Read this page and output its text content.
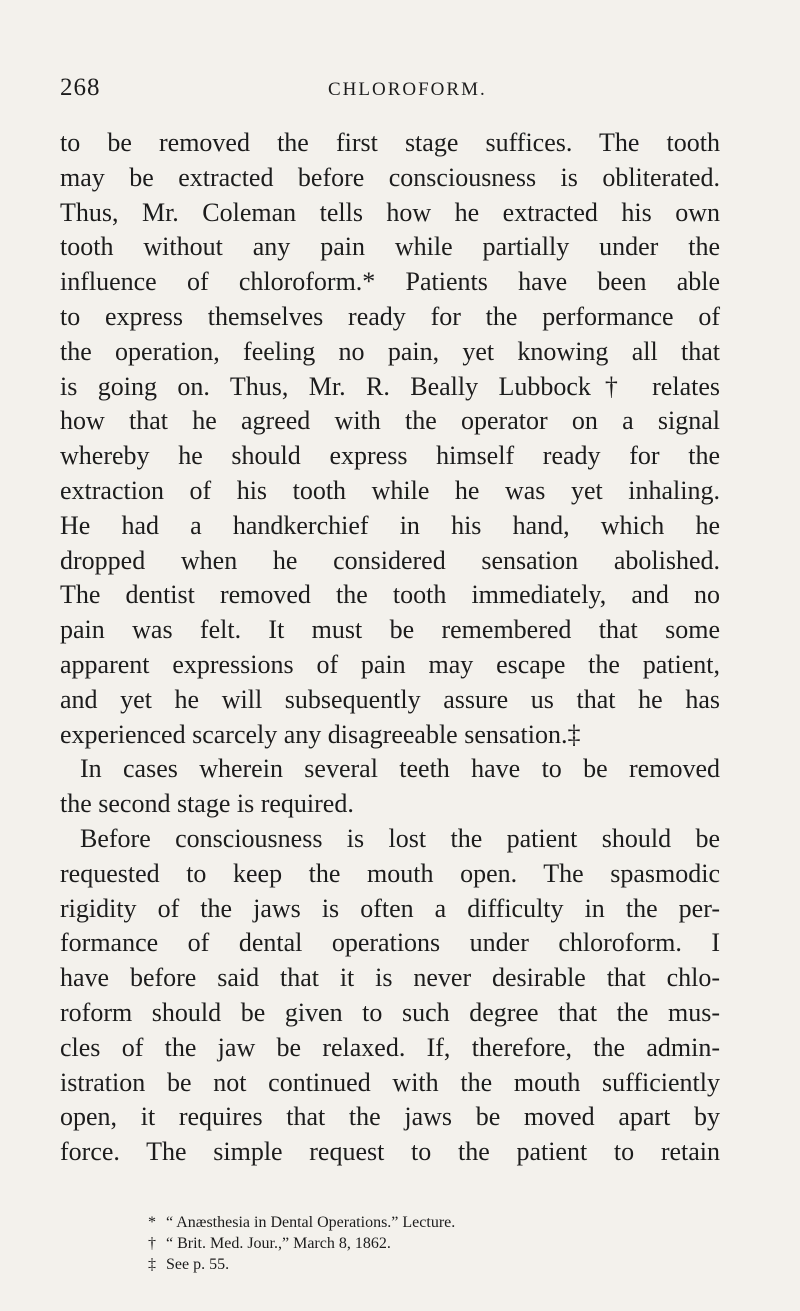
268	CHLOROFORM.
to be removed the first stage suffices. The tooth
may be extracted before consciousness is obliterated.
Thus, Mr. Coleman tells how he extracted his own
tooth without any pain while partially under the
influence of chloroform.* Patients have been able
to express themselves ready for the performance of
the operation, feeling no pain, yet knowing all that
is going on. Thus, Mr. R. Beally Lubbock† relates
how that he agreed with the operator on a signal
whereby he should express himself ready for the
extraction of his tooth while he was yet inhaling.
He had a handkerchief in his hand, which he
dropped when he considered sensation abolished.
The dentist removed the tooth immediately, and no
pain was felt. It must be remembered that some
apparent expressions of pain may escape the patient,
and yet he will subsequently assure us that he has
experienced scarcely any disagreeable sensation.‡
In cases wherein several teeth have to be removed
the second stage is required.
Before consciousness is lost the patient should be
requested to keep the mouth open. The spasmodic
rigidity of the jaws is often a difficulty in the per-
formance of dental operations under chloroform. I
have before said that it is never desirable that chlo-
roform should be given to such degree that the mus-
cles of the jaw be relaxed. If, therefore, the admin-
istration be not continued with the mouth sufficiently
open, it requires that the jaws be moved apart by
force. The simple request to the patient to retain
* “ Anæsthesia in Dental Operations.” Lecture.
† “ Brit. Med. Jour.,” March 8, 1862.
‡ See p. 55.
